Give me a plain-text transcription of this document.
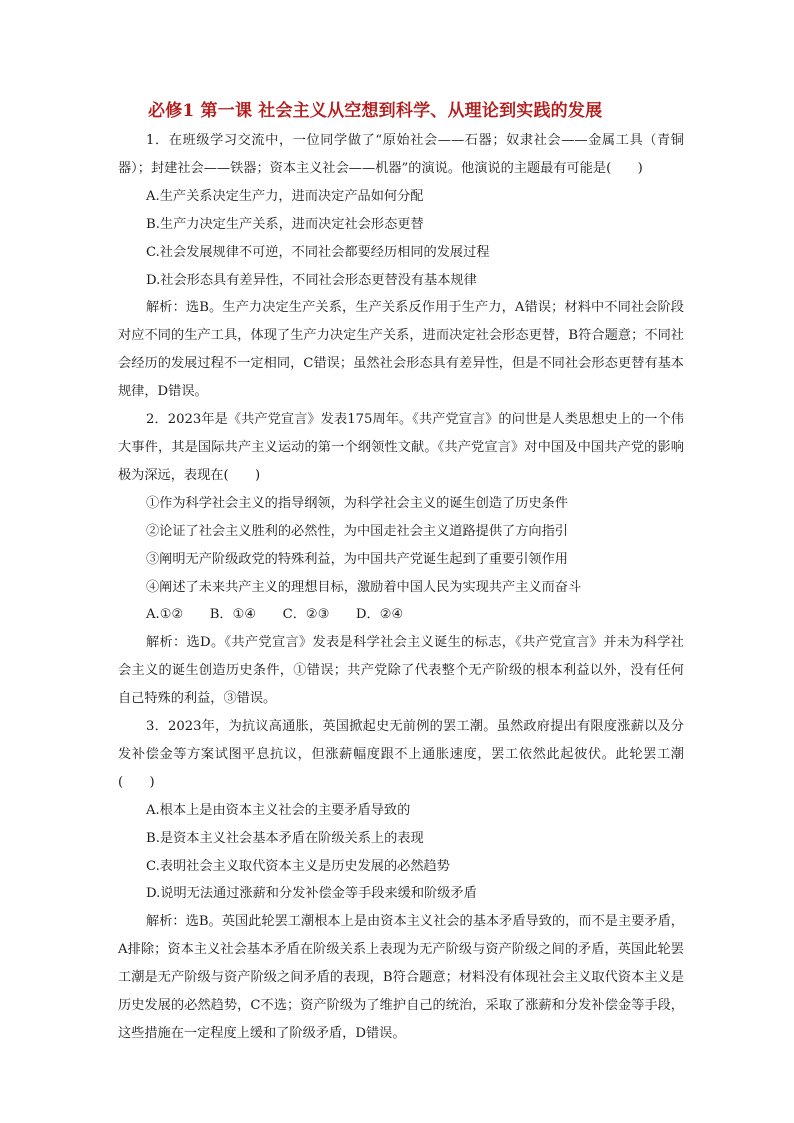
必修1 第一课 社会主义从空想到科学、从理论到实践的发展

1．在班级学习交流中，一位同学做了“原始社会——石器；奴隶社会——金属工具（青铜器）；封建社会——铁器；资本主义社会——机器”的演说。他演说的主题最有可能是(　　)

A.生产关系决定生产力，进而决定产品如何分配

B.生产力决定生产关系，进而决定社会形态更替

C.社会发展规律不可逆，不同社会都要经历相同的发展过程

D.社会形态具有差异性，不同社会形态更替没有基本规律

解析：选B。生产力决定生产关系，生产关系反作用于生产力，A错误；材料中不同社会阶段对应不同的生产工具，体现了生产力决定生产关系，进而决定社会形态更替，B符合题意；不同社会经历的发展过程不一定相同，C错误；虽然社会形态具有差异性，但是不同社会形态更替有基本规律，D错误。

2．2023年是《共产党宣言》发表175周年。《共产党宣言》的问世是人类思想史上的一个伟大事件，其是国际共产主义运动的第一个纲领性文献。《共产党宣言》对中国及中国共产党的影响极为深远，表现在(　　)

①作为科学社会主义的指导纲领，为科学社会主义的诞生创造了历史条件

②论证了社会主义胜利的必然性，为中国走社会主义道路提供了方向指引

③阐明无产阶级政党的特殊利益，为中国共产党诞生起到了重要引领作用

④阐述了未来共产主义的理想目标，激励着中国人民为实现共产主义而奋斗

A.①②　　B．①④　　C．②③　　D．②④

解析：选D。《共产党宣言》发表是科学社会主义诞生的标志，《共产党宣言》并未为科学社会主义的诞生创造历史条件，①错误；共产党除了代表整个无产阶级的根本利益以外，没有任何自己特殊的利益，③错误。

3．2023年，为抗议高通胀，英国掀起史无前例的罢工潮。虽然政府提出有限度涨薪以及分发补偿金等方案试图平息抗议，但涨薪幅度跟不上通胀速度，罢工依然此起彼伏。此轮罢工潮(　　)

A.根本上是由资本主义社会的主要矛盾导致的

B.是资本主义社会基本矛盾在阶级关系上的表现

C.表明社会主义取代资本主义是历史发展的必然趋势

D.说明无法通过涨薪和分发补偿金等手段来缓和阶级矛盾

解析：选B。英国此轮罢工潮根本上是由资本主义社会的基本矛盾导致的，而不是主要矛盾，A排除；资本主义社会基本矛盾在阶级关系上表现为无产阶级与资产阶级之间的矛盾，英国此轮罢工潮是无产阶级与资产阶级之间矛盾的表现，B符合题意；材料没有体现社会主义取代资本主义是历史发展的必然趋势，C不选；资产阶级为了维护自己的统治，采取了涨薪和分发补偿金等手段，这些措施在一定程度上缓和了阶级矛盾，D错误。
